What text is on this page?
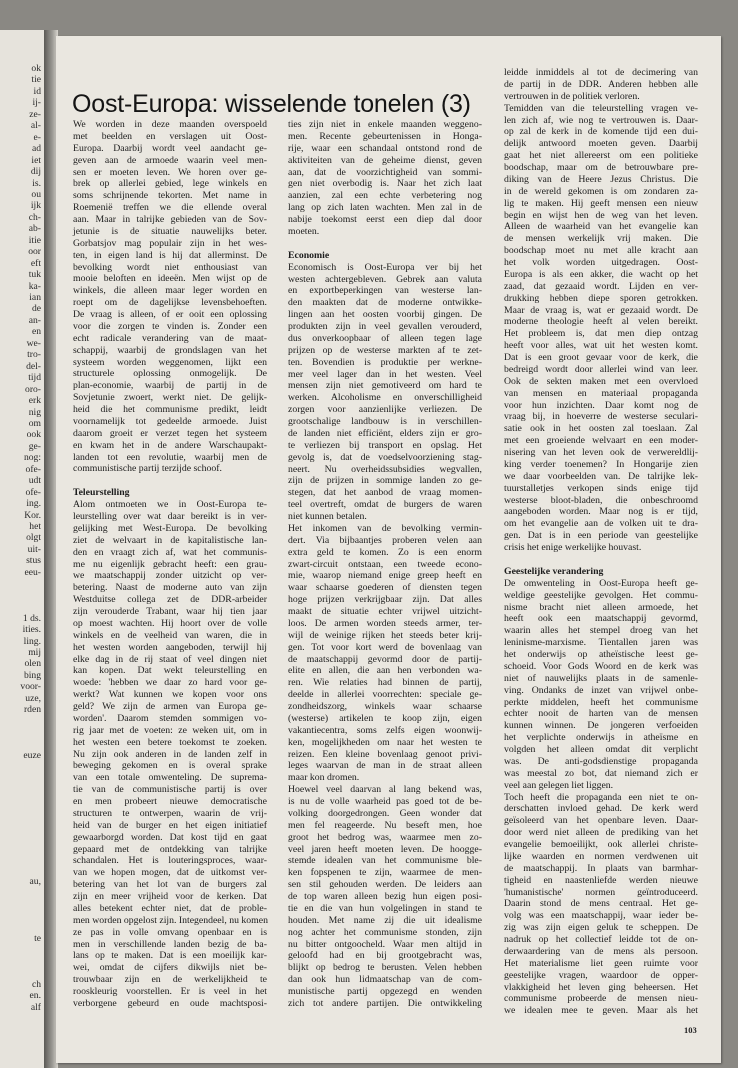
ok
tie
id
ij-
ze-
al-
e-
ad
iet
dij
is.
ou
ijk
ch-
ab-
itie
oor
eft
tuk
ka-
ian
de
an-
en
we-
tro-
del-
tijd
oro-
erk
nig
om
ook
ge-
nog:
ofe-
udt
ofe-
ing.
Kor.
het
olgt
uit-
stus
eeu-
1 ds.
ities.
ling.
mij
olen
bing
voor-
uze,
rden
euze
au,
te
ch
en.
alf
Oost-Europa: wisselende tonelen (3)
We worden in deze maanden overspoeld
met beelden en verslagen uit Oost-
Europa. Daarbij wordt veel aandacht ge-
geven aan de armoede waarin veel men-
sen er moeten leven. We horen over ge-
brek op allerlei gebied, lege winkels en
soms schrijnende tekorten. Met name in
Roemenië treffen we die ellende overal
aan. Maar in talrijke gebieden van de Sov-
jetunie is de situatie nauwelijks beter.
Gorbatsjov mag populair zijn in het wes-
ten, in eigen land is hij dat allerminst. De
bevolking wordt niet enthousiast van
mooie beloften en ideeën. Men wijst op de
winkels, die alleen maar leger worden en
roept om de dagelijkse levensbehoeften.
De vraag is alleen, of er ooit een oplossing
voor die zorgen te vinden is. Zonder een
echt radicale verandering van de maat-
schappij, waarbij de grondslagen van het
systeem worden weggenomen, lijkt een
structurele oplossing onmogelijk. De
plan-economie, waarbij de partij in de
Sovjetunie zwoert, werkt niet. De gelijk-
heid die het communisme predikt, leidt
voornamelijk tot gedeelde armoede. Juist
daarom groeit er verzet tegen het systeem
en kwam het in de andere Warschaupakt-
landen tot een revolutie, waarbij men de
communistische partij terzijde schoof.
Teleurstelling
Alom ontmoeten we in Oost-Europa te-
leurstelling over wat daar bereikt is in ver-
gelijking met West-Europa. De bevolking
ziet de welvaart in de kapitalistische lan-
den en vraagt zich af, wat het communis-
me nu eigenlijk gebracht heeft: een grau-
we maatschappij zonder uitzicht op ver-
betering. Naast de moderne auto van zijn
Westduitse collega zet de DDR-arbeider
zijn verouderde Trabant, waar hij tien jaar
op moest wachten. Hij hoort over de volle
winkels en de veelheid van waren, die in
het westen worden aangeboden, terwijl hij
elke dag in de rij staat of veel dingen niet
kan kopen. Dat wekt teleurstelling en
woede: 'hebben we daar zo hard voor ge-
werkt? Wat kunnen we kopen voor ons
geld? We zijn de armen van Europa ge-
worden'. Daarom stemden sommigen vo-
rig jaar met de voeten: ze weken uit, om in
het westen een betere toekomst te zoeken.
Nu zijn ook anderen in de landen zelf in
beweging gekomen en is overal sprake
van een totale omwenteling. De suprema-
tie van de communistische partij is over
en men probeert nieuwe democratische
structuren te ontwerpen, waarin de vrij-
heid van de burger en het eigen initiatief
gewaarborgd worden. Dat kost tijd en gaat
gepaard met de ontdekking van talrijke
schandalen. Het is louteringsproces, waar-
van we hopen mogen, dat de uitkomst ver-
betering van het lot van de burgers zal
zijn en meer vrijheid voor de kerken. Dat
alles betekent echter niet, dat de proble-
men worden opgelost zijn. Integendeel, nu komen
ze pas in volle omvang openbaar en is
men in verschillende landen bezig de ba-
lans op te maken. Dat is een moeilijk kar-
wei, omdat de cijfers dikwijls niet be-
trouwbaar zijn en de werkelijkheid te
rooskleurig voorstellen. Er is veel in het
verborgene gebeurd en oude machtsposi-
ties zijn niet in enkele maanden weggeno-
men. Recente gebeurtenissen in Honga-
rije, waar een schandaal ontstond rond de
aktiviteiten van de geheime dienst, geven
aan, dat de voorzichtigheid van sommi-
gen niet overbodig is. Naar het zich laat
aanzien, zal een echte verbetering nog
lang op zich laten wachten. Men zal in de
nabije toekomst eerst een diep dal door
moeten.
Economie
Economisch is Oost-Europa ver bij het
westen achtergebleven. Gebrek aan valuta
en exportbeperkingen van westerse lan-
den maakten dat de moderne ontwikke-
lingen aan het oosten voorbij gingen. De
produkten zijn in veel gevallen verouderd,
dus onverkoopbaar of alleen tegen lage
prijzen op de westerse markten af te zet-
ten. Bovendien is produktie per werkne-
mer veel lager dan in het westen. Veel
mensen zijn niet gemotiveerd om hard te
werken. Alcoholisme en onverschilligheid
zorgen voor aanzienlijke verliezen. De
grootschalige landbouw is in verschillen-
de landen niet efficiënt, elders zijn er gro-
te verliezen bij transport en opslag. Het
gevolg is, dat de voedselvoorziening stag-
neert. Nu overheidssubsidies wegvallen,
zijn de prijzen in sommige landen zo ge-
stegen, dat het aanbod de vraag momen-
teel overtreft, omdat de burgers de waren
niet kunnen betalen.
Het inkomen van de bevolking vermin-
dert. Via bijbaantjes proberen velen aan
extra geld te komen. Zo is een enorm
zwart-circuit ontstaan, een tweede econo-
mie, waarop niemand enige greep heeft en
waar schaarse goederen of diensten tegen
hoge prijzen verkrijgbaar zijn. Dat alles
maakt de situatie echter vrijwel uitzicht-
loos. De armen worden steeds armer, ter-
wijl de weinige rijken het steeds beter krij-
gen. Tot voor kort werd de bovenlaag van
de maatschappij gevormd door de partij-
elite en allen, die aan hen verbonden wa-
ren. Wie relaties had binnen de partij,
deelde in allerlei voorrechten: speciale ge-
zondheidszorg, winkels waar schaarse
(westerse) artikelen te koop zijn, eigen
vakantiecentra, soms zelfs eigen woonwij-
ken, mogelijkheden om naar het westen te
reizen. Een kleine bovenlaag genoot privi-
leges waarvan de man in de straat alleen
maar kon dromen.
Hoewel veel daarvan al lang bekend was,
is nu de volle waarheid pas goed tot de be-
volking doorgedrongen. Geen wonder dat
men fel reageerde. Nu beseft men, hoe
groot het bedrog was, waarmee men zo-
veel jaren heeft moeten leven. De hoogge-
stemde idealen van het communisme ble-
ken fopspenen te zijn, waarmee de men-
sen stil gehouden werden. De leiders aan
de top waren alleen bezig hun eigen posi-
tie en die van hun volgelingen in stand te
houden. Met name zij die uit idealisme
nog achter het communisme stonden, zijn
nu bitter ontgoocheld. Waar men altijd in
geloofd had en bij grootgebracht was,
blijkt op bedrog te berusten. Velen hebben
dan ook hun lidmaatschap van de com-
munistische partij opgezegd en wenden
zich tot andere partijen. Die ontwikkeling
leidde inmiddels al tot de decimering van
de partij in de DDR. Anderen hebben alle
vertrouwen in de politiek verloren.
Temidden van die teleurstelling vragen ve-
len zich af, wie nog te vertrouwen is. Daar-
op zal de kerk in de komende tijd een dui-
delijk antwoord moeten geven. Daarbij
gaat het niet allereerst om een politieke
boodschap, maar om de betrouwbare pre-
diking van de Heere Jezus Christus. Die
in de wereld gekomen is om zondaren za-
lig te maken. Hij geeft mensen een nieuw
begin en wijst hen de weg van het leven.
Alleen de waarheid van het evangelie kan
de mensen werkelijk vrij maken. Die
boodschap moet nu met alle kracht aan
het volk worden uitgedragen. Oost-
Europa is als een akker, die wacht op het
zaad, dat gezaaid wordt. Lijden en ver-
drukking hebben diepe sporen getrokken.
Maar de vraag is, wat er gezaaid wordt. De
moderne theologie heeft al velen bereikt.
Het probleem is, dat men diep ontzag
heeft voor alles, wat uit het westen komt.
Dat is een groot gevaar voor de kerk, die
bedreigd wordt door allerlei wind van leer.
Ook de sekten maken met een overvloed
van mensen en materiaal propaganda
voor hun inzichten. Daar komt nog de
vraag bij, in hoeverre de westerse seculari-
satie ook in het oosten zal toeslaan. Zal
met een groeiende welvaart en een moder-
nisering van het leven ook de verwereldlij-
king verder toenemen? In Hongarije zien
we daar voorbeelden van. De talrijke lek-
tuurstalletjes verkopen sinds enige tijd
westerse bloot-bladen, die onbeschroomd
aangeboden worden. Maar nog is er tijd,
om het evangelie aan de volken uit te dra-
gen. Dat is in een periode van geestelijke
crisis het enige werkelijke houvast.
Geestelijke verandering
De omwenteling in Oost-Europa heeft ge-
weldige geestelijke gevolgen. Het commu-
nisme bracht niet alleen armoede, het
heeft ook een maatschappij gevormd,
waarin alles het stempel droeg van het
leninisme-marxisme. Tientallen jaren was
het onderwijs op atheïstische leest ge-
schoeid. Voor Gods Woord en de kerk was
niet of nauwelijks plaats in de samenle-
ving. Ondanks de inzet van vrijwel onbe-
perkte middelen, heeft het communisme
echter nooit de harten van de mensen
kunnen winnen. De jongeren verfoeiden
het verplichte onderwijs in atheïsme en
volgden het alleen omdat dit verplicht
was. De anti-godsdienstige propaganda
was meestal zo bot, dat niemand zich er
veel aan gelegen liet liggen.
Toch heeft die propaganda een niet te on-
derschatten invloed gehad. De kerk werd
geïsoleerd van het openbare leven. Daar-
door werd niet alleen de prediking van het
evangelie bemoeilijkt, ook allerlei christe-
lijke waarden en normen verdwenen uit
de maatschappij. In plaats van barmhar-
tigheid en naastenliefde werden nieuwe
'humanistische' normen geïntroduceerd.
Daarin stond de mens centraal. Het ge-
volg was een maatschappij, waar ieder be-
zig was zijn eigen geluk te scheppen. De
nadruk op het collectief leidde tot de on-
derwaardering van de mens als persoon.
Het materialisme liet geen ruimte voor
geestelijke vragen, waardoor de opper-
vlakkigheid het leven ging beheersen. Het
communisme probeerde de mensen nieu-
we idealen mee te geven. Maar als het
103
